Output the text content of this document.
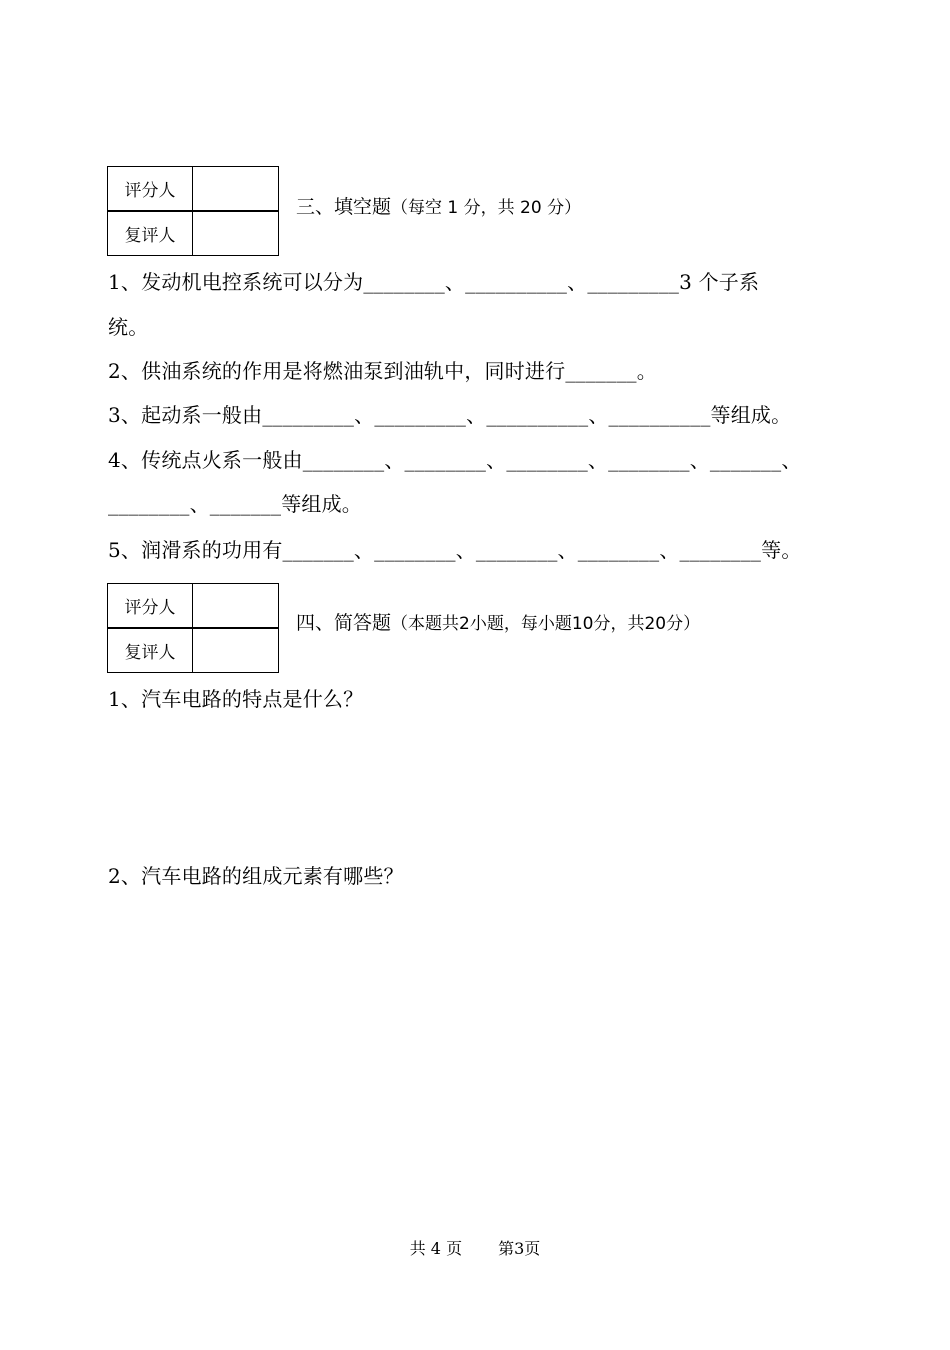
评分人	
复评人	
三、填空题（每空 1 分，共 20 分）
1、发动机电控系统可以分为________、__________、_________3 个子系
统。
2、供油系统的作用是将燃油泵到油轨中，同时进行_______。
3、起动系一般由_________、_________、__________、__________等组成。
4、传统点火系一般由________、________、________、________、_______、
________、_______等组成。
5、润滑系的功用有_______、________、________、________、________等。
评分人	
复评人	
四、简答题（本题共2小题，每小题10分，共20分）
1、汽车电路的特点是什么？
2、汽车电路的组成元素有哪些？
共 4 页 第3页
